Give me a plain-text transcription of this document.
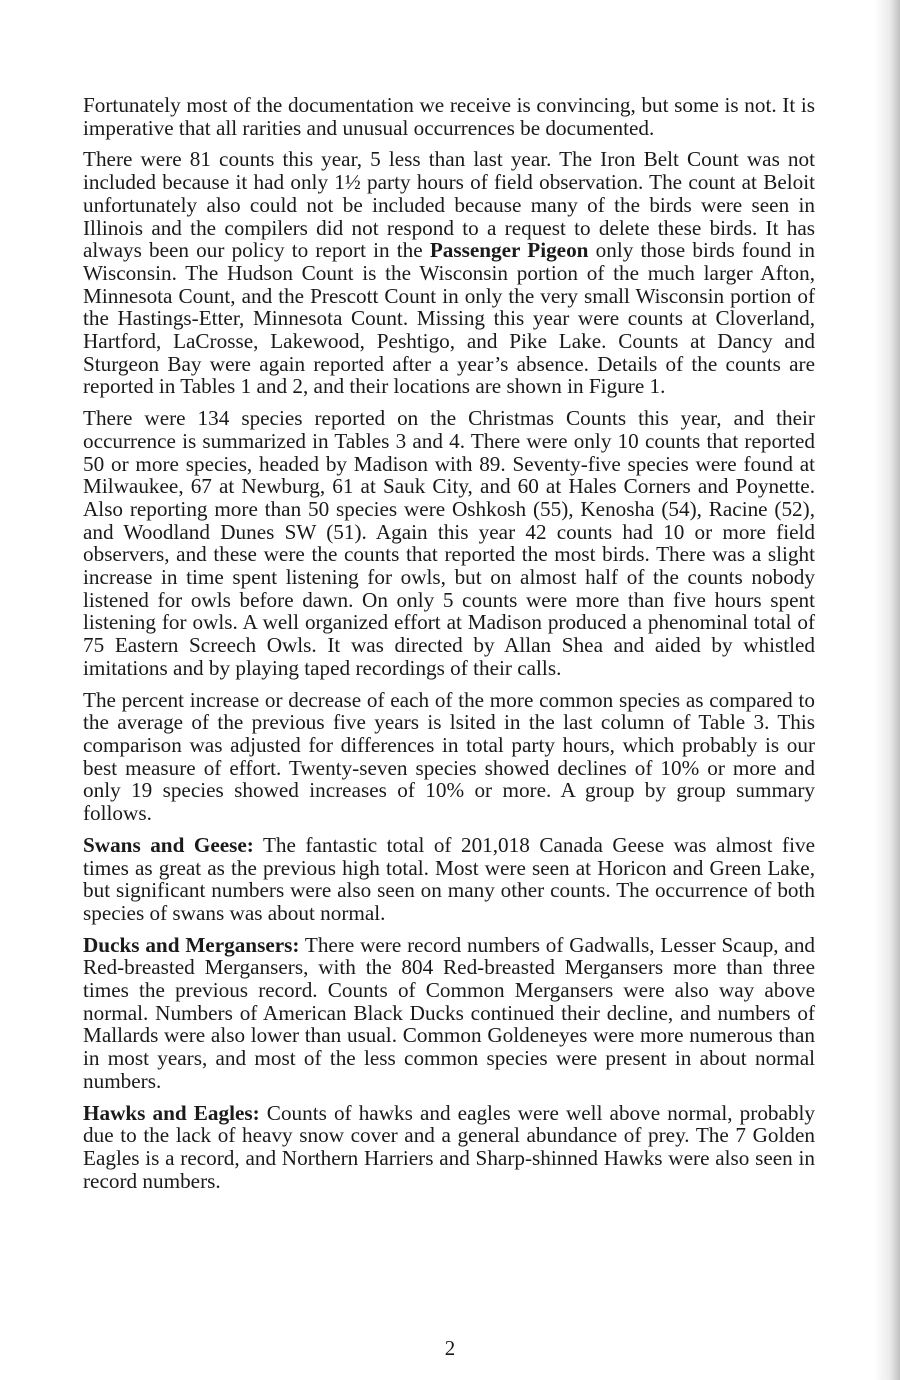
Fortunately most of the documentation we receive is convincing, but some is not. It is imperative that all rarities and unusual occurrences be documented.

There were 81 counts this year, 5 less than last year. The Iron Belt Count was not included because it had only 1½ party hours of field observation. The count at Beloit unfortunately also could not be included because many of the birds were seen in Illinois and the compilers did not respond to a request to delete these birds. It has always been our policy to report in the Passenger Pigeon only those birds found in Wisconsin. The Hudson Count is the Wisconsin portion of the much larger Afton, Minnesota Count, and the Prescott Count in only the very small Wisconsin portion of the Hastings-Etter, Minnesota Count. Missing this year were counts at Cloverland, Hartford, LaCrosse, Lakewood, Peshtigo, and Pike Lake. Counts at Dancy and Sturgeon Bay were again reported after a year’s absence. Details of the counts are reported in Tables 1 and 2, and their locations are shown in Figure 1.

There were 134 species reported on the Christmas Counts this year, and their occurrence is summarized in Tables 3 and 4. There were only 10 counts that reported 50 or more species, headed by Madison with 89. Seventy-five species were found at Milwaukee, 67 at Newburg, 61 at Sauk City, and 60 at Hales Corners and Poynette. Also reporting more than 50 species were Oshkosh (55), Kenosha (54), Racine (52), and Woodland Dunes SW (51). Again this year 42 counts had 10 or more field observers, and these were the counts that reported the most birds. There was a slight increase in time spent listening for owls, but on almost half of the counts nobody listened for owls before dawn. On only 5 counts were more than five hours spent listening for owls. A well organized effort at Madison produced a phenominal total of 75 Eastern Screech Owls. It was directed by Allan Shea and aided by whistled imitations and by playing taped recordings of their calls.

The percent increase or decrease of each of the more common species as compared to the average of the previous five years is lsited in the last column of Table 3. This comparison was adjusted for differences in total party hours, which probably is our best measure of effort. Twenty-seven species showed declines of 10% or more and only 19 species showed increases of 10% or more. A group by group summary follows.

Swans and Geese: The fantastic total of 201,018 Canada Geese was almost five times as great as the previous high total. Most were seen at Horicon and Green Lake, but significant numbers were also seen on many other counts. The occurrence of both species of swans was about normal.

Ducks and Mergansers: There were record numbers of Gadwalls, Lesser Scaup, and Red-breasted Mergansers, with the 804 Red-breasted Mergansers more than three times the previous record. Counts of Common Mergansers were also way above normal. Numbers of American Black Ducks continued their decline, and numbers of Mallards were also lower than usual. Common Goldeneyes were more numerous than in most years, and most of the less common species were present in about normal numbers.

Hawks and Eagles: Counts of hawks and eagles were well above normal, probably due to the lack of heavy snow cover and a general abundance of prey. The 7 Golden Eagles is a record, and Northern Harriers and Sharp-shinned Hawks were also seen in record numbers.

2
